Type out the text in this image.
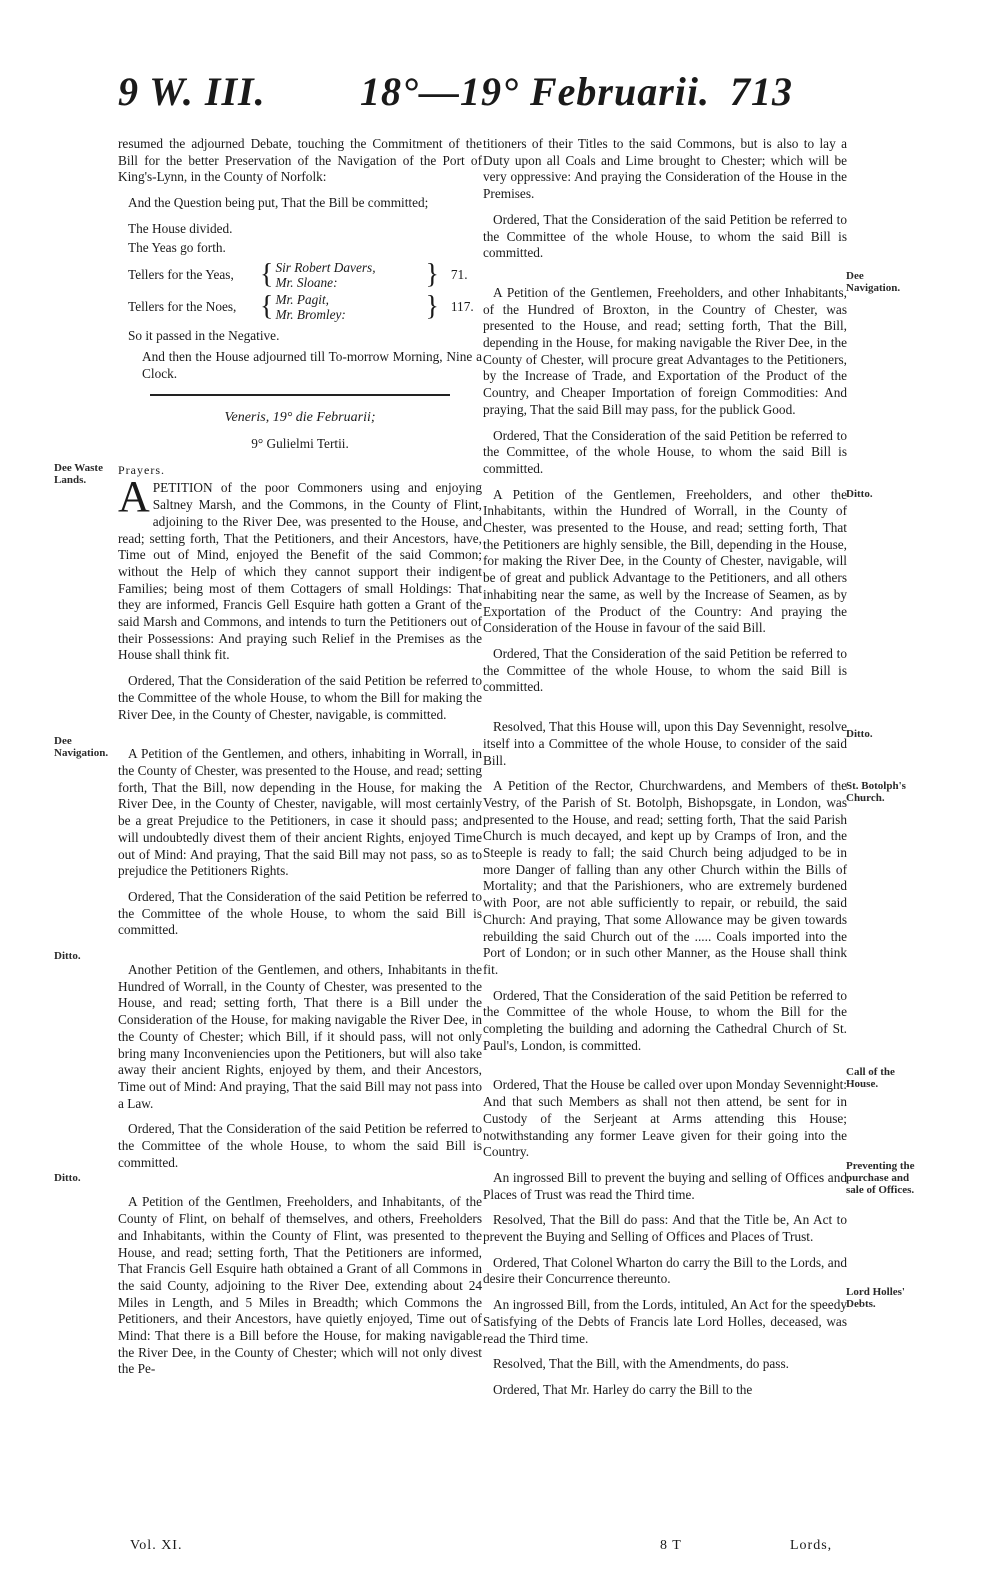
9 W. III. 18°—19° Februarii. 713

resumed the adjourned Debate, touching the Commitment of the Bill for the better Preservation of the Navigation of the Port of King's-Lynn, in the County of Norfolk:

And the Question being put, That the Bill be committed;

The House divided.

The Yeas go forth.

Tellers for the Yeas, { Sir Robert Davers,
Mr. Sloane:	} 71.
Tellers for the Noes, { Mr. Pagit,
Mr. Bromley:	} 117.

So it passed in the Negative.

And then the House adjourned till To-morrow Morning, Nine a Clock.

Veneris, 19° die Februarii;

9° Gulielmi Tertii.

Prayers.

APETITION of the poor Commoners using and enjoying Saltney Marsh, and the Commons, in the County of Flint, adjoining to the River Dee, was presented to the House, and read; setting forth, That the Petitioners, and their Ancestors, have, Time out of Mind, enjoyed the Benefit of the said Common; without the Help of which they cannot support their indigent Families; being most of them Cottagers of small Holdings: That they are informed, Francis Gell Esquire hath gotten a Grant of the said Marsh and Commons, and intends to turn the Petitioners out of their Possessions: And praying such Relief in the Premises as the House shall think fit.

Ordered, That the Consideration of the said Petition be referred to the Committee of the whole House, to whom the Bill for making the River Dee, in the County of Chester, navigable, is committed.

A Petition of the Gentlemen, and others, inhabiting in Worrall, in the County of Chester, was presented to the House, and read; setting forth, That the Bill, now depending in the House, for making the River Dee, in the County of Chester, navigable, will most certainly be a great Prejudice to the Petitioners, in case it should pass; and will undoubtedly divest them of their ancient Rights, enjoyed Time out of Mind: And praying, That the said Bill may not pass, so as to prejudice the Petitioners Rights.

Ordered, That the Consideration of the said Petition be referred to the Committee of the whole House, to whom the said Bill is committed.

Another Petition of the Gentlemen, and others, Inhabitants in the Hundred of Worrall, in the County of Chester, was presented to the House, and read; setting forth, That there is a Bill under the Consideration of the House, for making navigable the River Dee, in the County of Chester; which Bill, if it should pass, will not only bring many Inconveniencies upon the Petitioners, but will also take away their ancient Rights, enjoyed by them, and their Ancestors, Time out of Mind: And praying, That the said Bill may not pass into a Law.

Ordered, That the Consideration of the said Petition be referred to the Committee of the whole House, to whom the said Bill is committed.

A Petition of the Gentlmen, Freeholders, and Inhabitants, of the County of Flint, on behalf of themselves, and others, Freeholders and Inhabitants, within the County of Flint, was presented to the House, and read; setting forth, That the Petitioners are informed, That Francis Gell Esquire hath obtained a Grant of all Commons in the said County, adjoining to the River Dee, extending about 24 Miles in Length, and 5 Miles in Breadth; which Commons the Petitioners, and their Ancestors, have quietly enjoyed, Time out of Mind: That there is a Bill before the House, for making navigable the River Dee, in the County of Chester; which will not only divest the Pe-

titioners of their Titles to the said Commons, but is also to lay a Duty upon all Coals and Lime brought to Chester; which will be very oppressive: And praying the Consideration of the House in the Premises.

Ordered, That the Consideration of the said Petition be referred to the Committee of the whole House, to whom the said Bill is committed.

A Petition of the Gentlemen, Freeholders, and other Inhabitants, of the Hundred of Broxton, in the Country of Chester, was presented to the House, and read; setting forth, That the Bill, depending in the House, for making navigable the River Dee, in the County of Chester, will procure great Advantages to the Petitioners, by the Increase of Trade, and Exportation of the Product of the Country, and Cheaper Importation of foreign Commodities: And praying, That the said Bill may pass, for the publick Good.

Ordered, That the Consideration of the said Petition be referred to the Committee, of the whole House, to whom the said Bill is committed.

A Petition of the Gentlemen, Freeholders, and other the Inhabitants, within the Hundred of Worrall, in the County of Chester, was presented to the House, and read; setting forth, That the Petitioners are highly sensible, the Bill, depending in the House, for making the River Dee, in the County of Chester, navigable, will be of great and publick Advantage to the Petitioners, and all others inhabiting near the same, as well by the Increase of Seamen, as by Exportation of the Product of the Country: And praying the Consideration of the House in favour of the said Bill.

Ordered, That the Consideration of the said Petition be referred to the Committee of the whole House, to whom the said Bill is committed.

Resolved, That this House will, upon this Day Sevennight, resolve itself into a Committee of the whole House, to consider of the said Bill.

A Petition of the Rector, Churchwardens, and Members of the Vestry, of the Parish of St. Botolph, Bishopsgate, in London, was presented to the House, and read; setting forth, That the said Parish Church is much decayed, and kept up by Cramps of Iron, and the Steeple is ready to fall; the said Church being adjudged to be in more Danger of falling than any other Church within the Bills of Mortality; and that the Parishioners, who are extremely burdened with Poor, are not able sufficiently to repair, or rebuild, the said Church: And praying, That some Allowance may be given towards rebuilding the said Church out of the ..... Coals imported into the Port of London; or in such other Manner, as the House shall think fit.

Ordered, That the Consideration of the said Petition be referred to the Committee of the whole House, to whom the Bill for the completing the building and adorning the Cathedral Church of St. Paul's, London, is committed.

Ordered, That the House be called over upon Monday Sevennight: And that such Members as shall not then attend, be sent for in Custody of the Serjeant at Arms attending this House; notwithstanding any former Leave given for their going into the Country.

An ingrossed Bill to prevent the buying and selling of Offices and Places of Trust was read the Third time.

Resolved, That the Bill do pass: And that the Title be, An Act to prevent the Buying and Selling of Offices and Places of Trust.

Ordered, That Colonel Wharton do carry the Bill to the Lords, and desire their Concurrence thereunto.

An ingrossed Bill, from the Lords, intituled, An Act for the speedy Satisfying of the Debts of Francis late Lord Holles, deceased, was read the Third time.

Resolved, That the Bill, with the Amendments, do pass.

Ordered, That Mr. Harley do carry the Bill to the

Dee Waste Lands.
Dee Navigation.
Ditto.
Ditto.
Dee Navigation.
Ditto.
Ditto.
St. Botolph's Church.
Call of the House.
Preventing the purchase and sale of Offices.
Lord Holles' Debts.
Vol. XI.	8 T	Lords,
